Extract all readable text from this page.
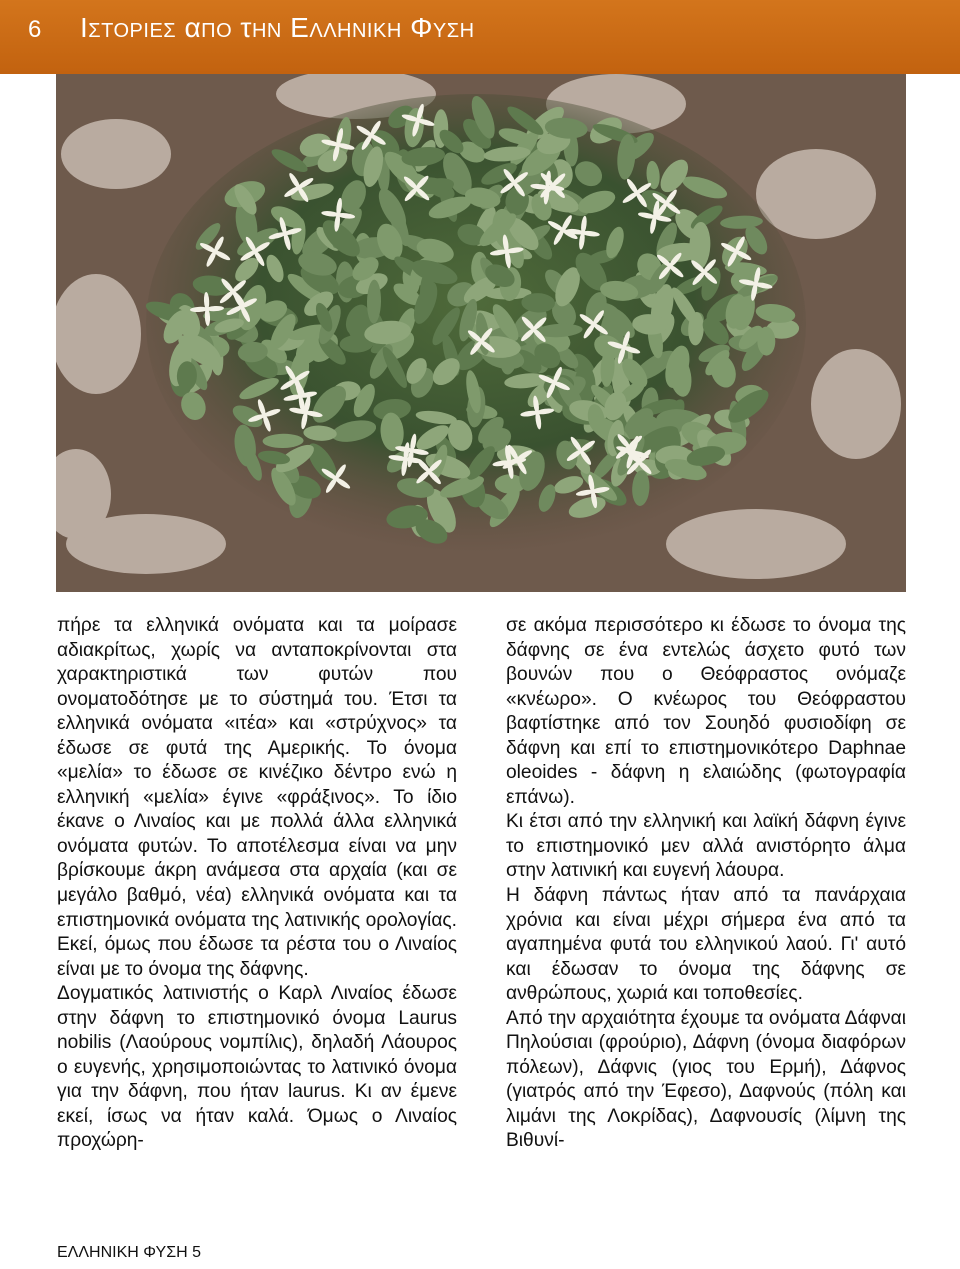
6 ΙΣΤΟΡΙΕΣ αΠΟ τΗΝ ΕΛΛΗΝΙΚΗ ΦΥΣΗ

πήρε τα ελληνικά ονόματα και τα μοίρασε αδιακρίτως, χωρίς να ανταποκρίνονται στα χαρακτηριστικά των φυτών που ονοματοδότησε με το σύστημά του. Έτσι τα ελληνικά ονόματα «ιτέα» και «στρύχνος» τα έδωσε σε φυτά της Αμερικής. Το όνομα «μελία» το έδωσε σε κινέζικο δέντρο ενώ η ελληνική «μελία» έγινε «φράξινος». Το ίδιο έκανε ο Λιναίος και με πολλά άλλα ελληνικά ονόματα φυτών. Το αποτέλεσμα είναι να μην βρίσκουμε άκρη ανάμεσα στα αρχαία (και σε μεγάλο βαθμό, νέα) ελληνικά ονόματα και τα επιστημονικά ονόματα της λατινικής ορολογίας. Εκεί, όμως που έδωσε τα ρέστα του ο Λιναίος είναι με το όνομα της δάφνης.

Δογματικός λατινιστής ο Καρλ Λιναίος έδωσε στην δάφνη το επιστημονικό όνομα Laurus nobilis (Λαούρους νομπίλις), δηλαδή Λάουρος ο ευγενής, χρησιμοποιώντας το λατινικό όνομα για την δάφνη, που ήταν laurus. Κι αν έμενε εκεί, ίσως να ήταν καλά. Όμως ο Λιναίος προχώρη-

σε ακόμα περισσότερο κι έδωσε το όνομα της δάφνης σε ένα εντελώς άσχετο φυτό των βουνών που ο Θεόφραστος ονόμαζε «κνέωρο». Ο κνέωρος του Θεόφραστου βαφτίστηκε από τον Σουηδό φυσιοδίφη σε δάφνη και επί το επιστημονικότερο Daphnae oleoides - δάφνη η ελαιώδης (φωτογραφία επάνω).

Κι έτσι από την ελληνική και λαϊκή δάφνη έγινε το επιστημονικό μεν αλλά ανιστόρητο άλμα στην λατινική και ευγενή λάουρα.

Η δάφνη πάντως ήταν από τα πανάρχαια χρόνια και είναι μέχρι σήμερα ένα από τα αγαπημένα φυτά του ελληνικού λαού. Γι' αυτό και έδωσαν το όνομα της δάφνης σε ανθρώπους, χωριά και τοποθεσίες.

Από την αρχαιότητα έχουμε τα ονόματα Δάφναι Πηλούσιαι (φρούριο), Δάφνη (όνομα διαφόρων πόλεων), Δάφνις (γιος του Ερμή), Δάφνος (γιατρός από την Έφεσο), Δαφνούς (πόλη και λιμάνι της Λοκρίδας), Δαφνουσίς (λίμνη της Βιθυνί-

ΕΛΛΗΝΙΚΗ ΦΥΣΗ 5
